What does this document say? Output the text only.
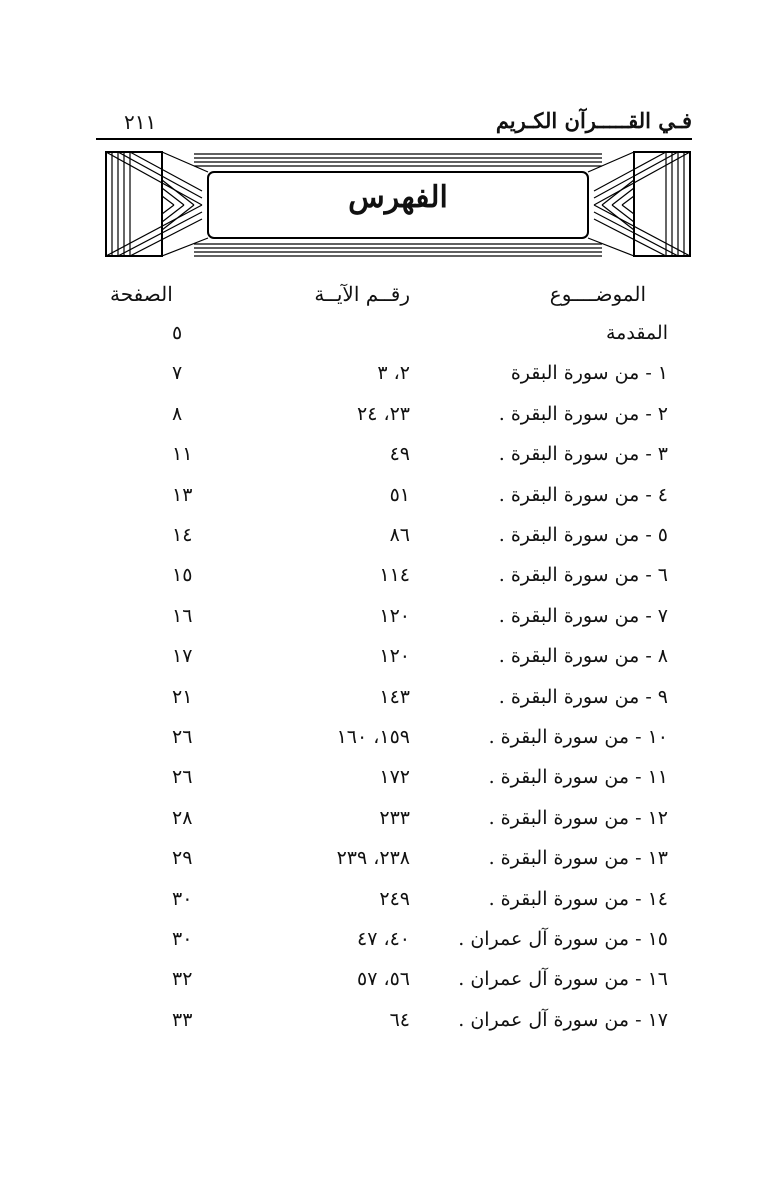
فـي القـــــرآن الكـريم
٢١١
الفهرس
الموضــــوع
رقــم الآيــة
الصفحة
المقدمة
٥
١ - من سورة البقرة
٢، ٣
٧
٢ - من سورة البقرة .
٢٣، ٢٤
٨
٣ - من سورة البقرة .
٤٩
١١
٤ - من سورة البقرة .
٥١
١٣
٥ - من سورة البقرة .
٨٦
١٤
٦ - من سورة البقرة .
١١٤
١٥
٧ - من سورة البقرة .
١٢٠
١٦
٨ - من سورة البقرة .
١٢٠
١٧
٩ - من سورة البقرة .
١٤٣
٢١
١٠ - من سورة البقرة .
١٥٩، ١٦٠
٢٦
١١ - من سورة البقرة .
١٧٢
٢٦
١٢ - من سورة البقرة .
٢٣٣
٢٨
١٣ - من سورة البقرة .
٢٣٨، ٢٣٩
٢٩
١٤ - من سورة البقرة .
٢٤٩
٣٠
١٥ - من سورة آل عمران .
٤٠، ٤٧
٣٠
١٦ - من سورة آل عمران .
٥٦، ٥٧
٣٢
١٧ - من سورة آل عمران .
٦٤
٣٣
